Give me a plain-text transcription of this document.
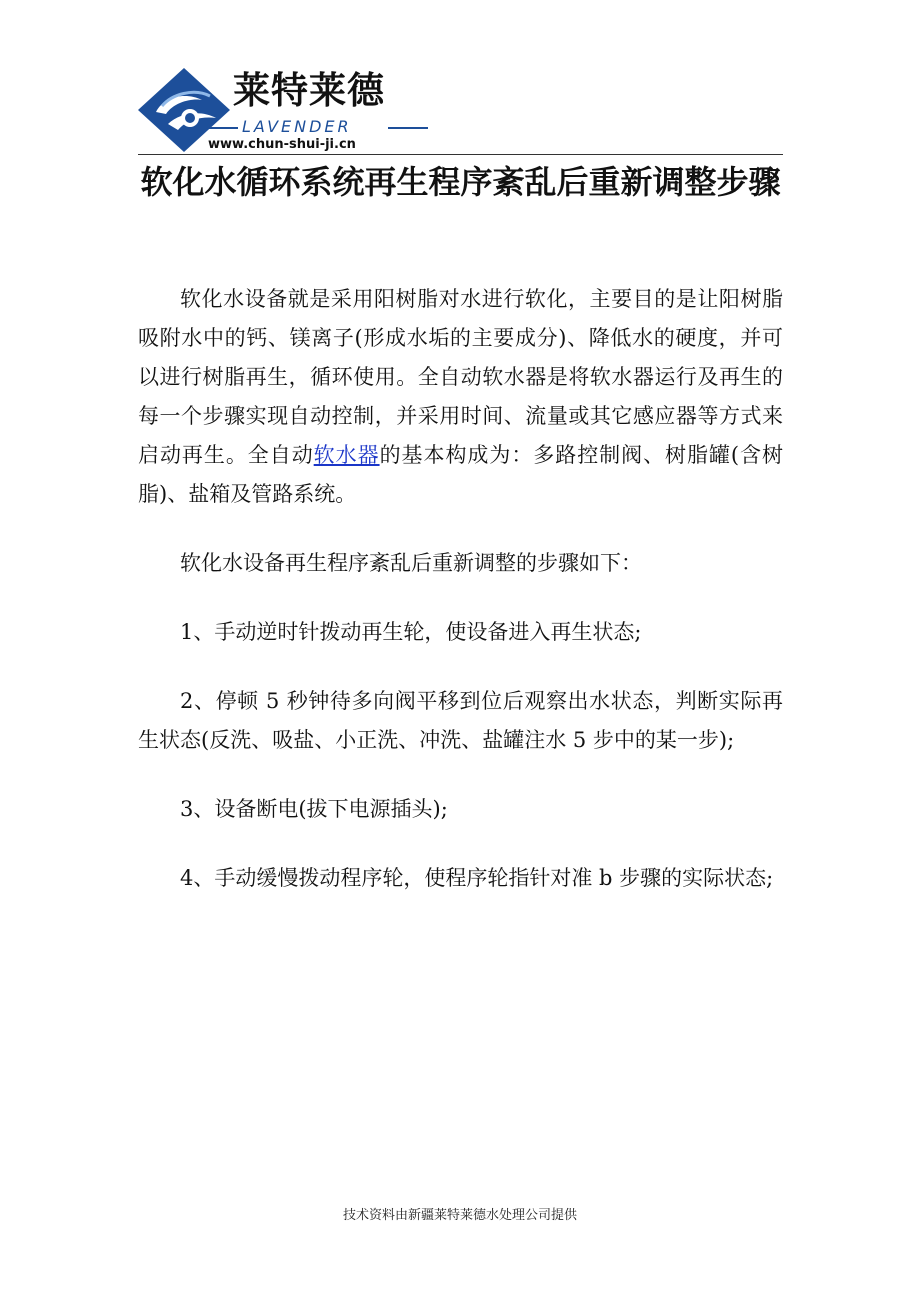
莱特莱德
LAVENDER
www.chun-shui-ji.cn
软化水循环系统再生程序紊乱后重新调整步骤

软化水设备就是采用阳树脂对水进行软化，主要目的是让阳树脂吸附水中的钙、镁离子(形成水垢的主要成分)、降低水的硬度，并可以进行树脂再生，循环使用。全自动软水器是将软水器运行及再生的每一个步骤实现自动控制，并采用时间、流量或其它感应器等方式来启动再生。全自动软水器的基本构成为：多路控制阀、树脂罐(含树脂)、盐箱及管路系统。

软化水设备再生程序紊乱后重新调整的步骤如下：

1、手动逆时针拨动再生轮，使设备进入再生状态;

2、停顿 5 秒钟待多向阀平移到位后观察出水状态，判断实际再生状态(反洗、吸盐、小正洗、冲洗、盐罐注水 5 步中的某一步);

3、设备断电(拔下电源插头);

4、手动缓慢拨动程序轮，使程序轮指针对准 b 步骤的实际状态;

技术资料由新疆莱特莱德水处理公司提供
